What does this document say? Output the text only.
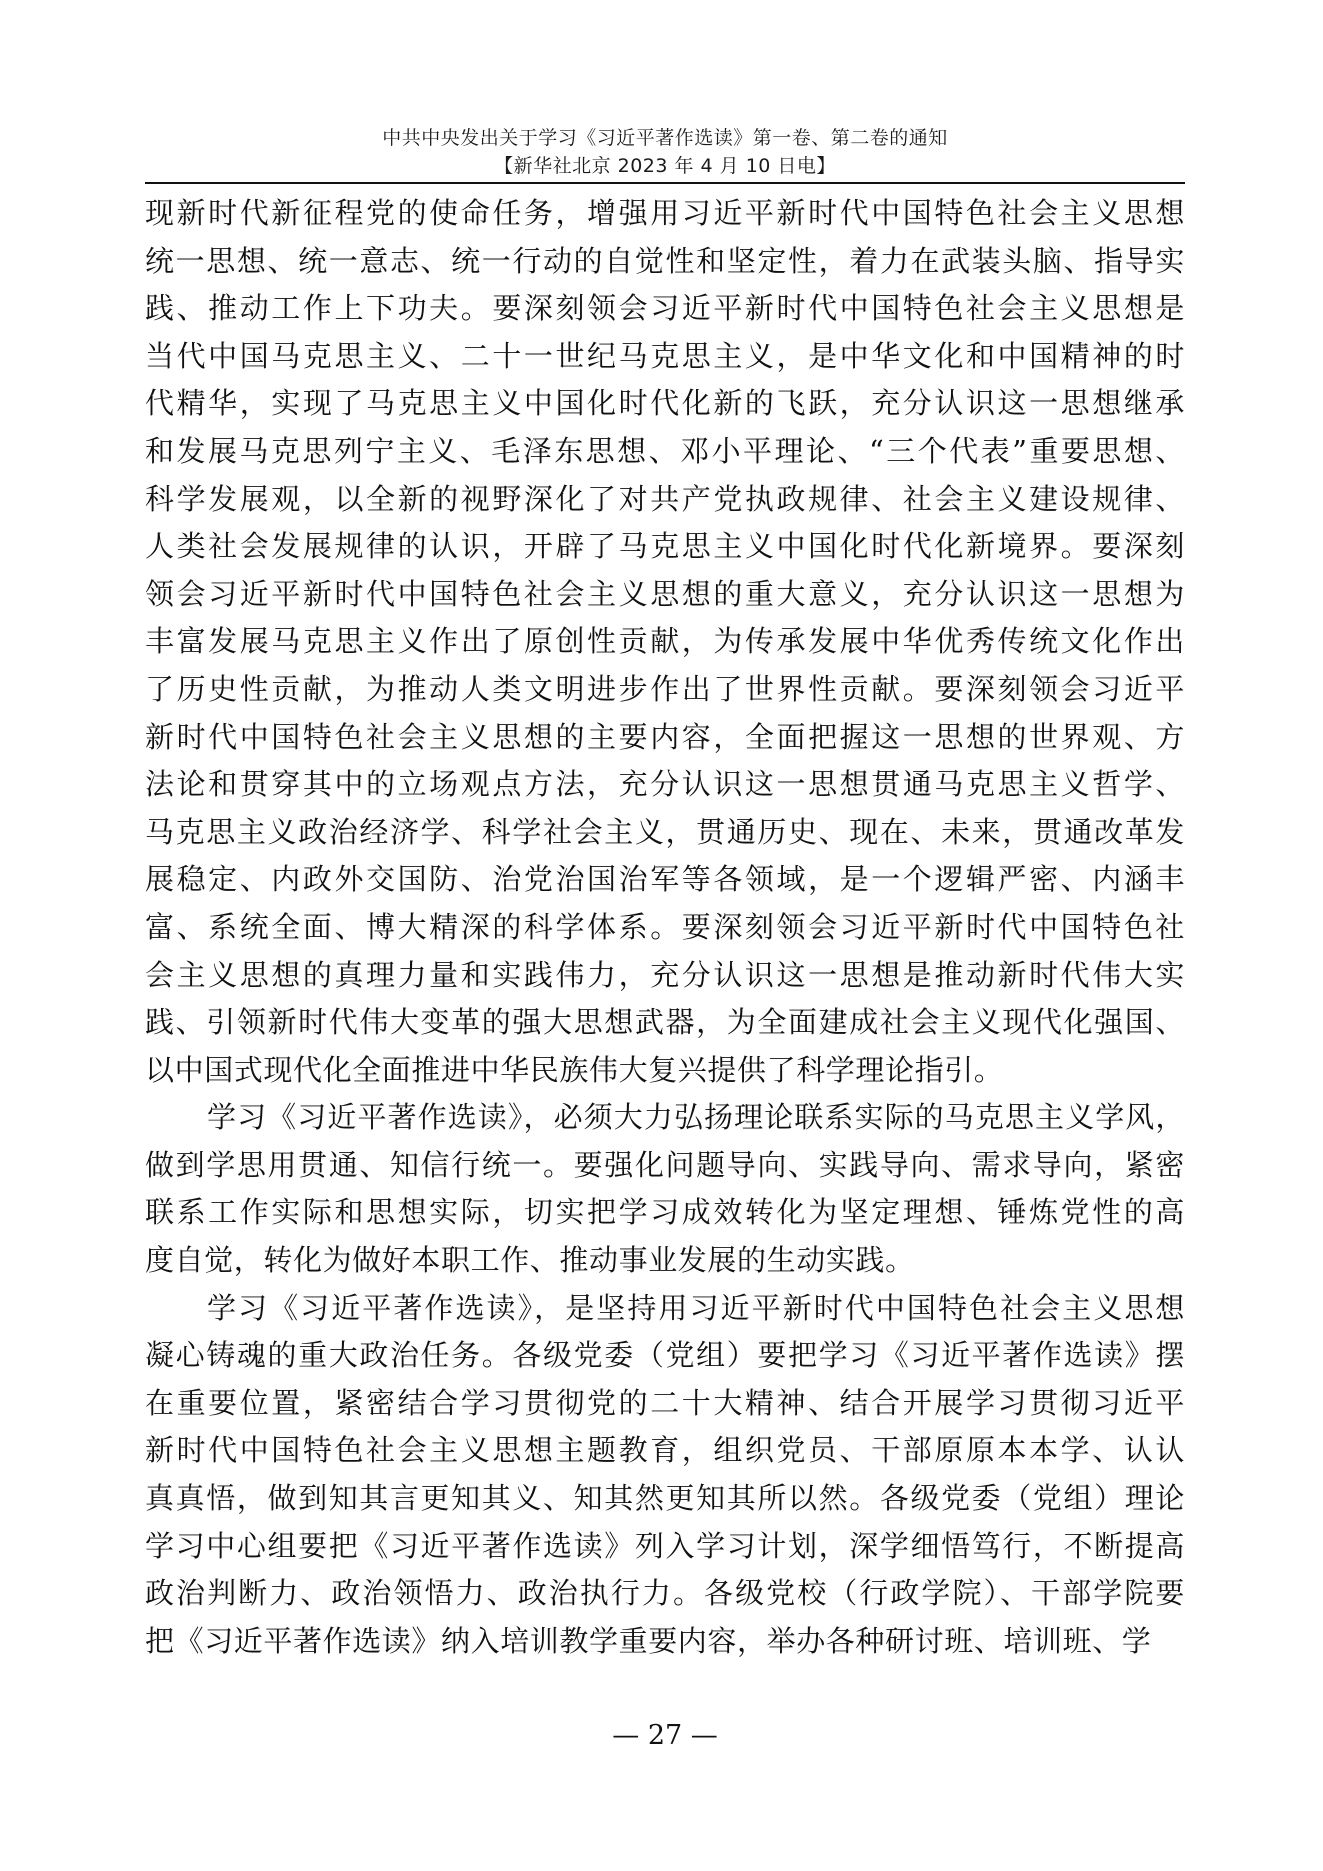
中共中央发出关于学习《习近平著作选读》第一卷、第二卷的通知
【新华社北京 2023 年 4 月 10 日电】
现新时代新征程党的使命任务，增强用习近平新时代中国特色社会主义思想
统一思想、统一意志、统一行动的自觉性和坚定性，着力在武装头脑、指导实
践、推动工作上下功夫。要深刻领会习近平新时代中国特色社会主义思想是
当代中国马克思主义、二十一世纪马克思主义，是中华文化和中国精神的时
代精华，实现了马克思主义中国化时代化新的飞跃，充分认识这一思想继承
和发展马克思列宁主义、毛泽东思想、邓小平理论、“三个代表”重要思想、
科学发展观，以全新的视野深化了对共产党执政规律、社会主义建设规律、
人类社会发展规律的认识，开辟了马克思主义中国化时代化新境界。要深刻
领会习近平新时代中国特色社会主义思想的重大意义，充分认识这一思想为
丰富发展马克思主义作出了原创性贡献，为传承发展中华优秀传统文化作出
了历史性贡献，为推动人类文明进步作出了世界性贡献。要深刻领会习近平
新时代中国特色社会主义思想的主要内容，全面把握这一思想的世界观、方
法论和贯穿其中的立场观点方法，充分认识这一思想贯通马克思主义哲学、
马克思主义政治经济学、科学社会主义，贯通历史、现在、未来，贯通改革发
展稳定、内政外交国防、治党治国治军等各领域，是一个逻辑严密、内涵丰
富、系统全面、博大精深的科学体系。要深刻领会习近平新时代中国特色社
会主义思想的真理力量和实践伟力，充分认识这一思想是推动新时代伟大实
践、引领新时代伟大变革的强大思想武器，为全面建成社会主义现代化强国、
以中国式现代化全面推进中华民族伟大复兴提供了科学理论指引。
学习《习近平著作选读》，必须大力弘扬理论联系实际的马克思主义学风，
做到学思用贯通、知信行统一。要强化问题导向、实践导向、需求导向，紧密
联系工作实际和思想实际，切实把学习成效转化为坚定理想、锤炼党性的高
度自觉，转化为做好本职工作、推动事业发展的生动实践。
学习《习近平著作选读》，是坚持用习近平新时代中国特色社会主义思想
凝心铸魂的重大政治任务。各级党委（党组）要把学习《习近平著作选读》摆
在重要位置，紧密结合学习贯彻党的二十大精神、结合开展学习贯彻习近平
新时代中国特色社会主义思想主题教育，组织党员、干部原原本本学、认认
真真悟，做到知其言更知其义、知其然更知其所以然。各级党委（党组）理论
学习中心组要把《习近平著作选读》列入学习计划，深学细悟笃行，不断提高
政治判断力、政治领悟力、政治执行力。各级党校（行政学院）、干部学院要
把《习近平著作选读》纳入培训教学重要内容，举办各种研讨班、培训班、学
— 27 —
